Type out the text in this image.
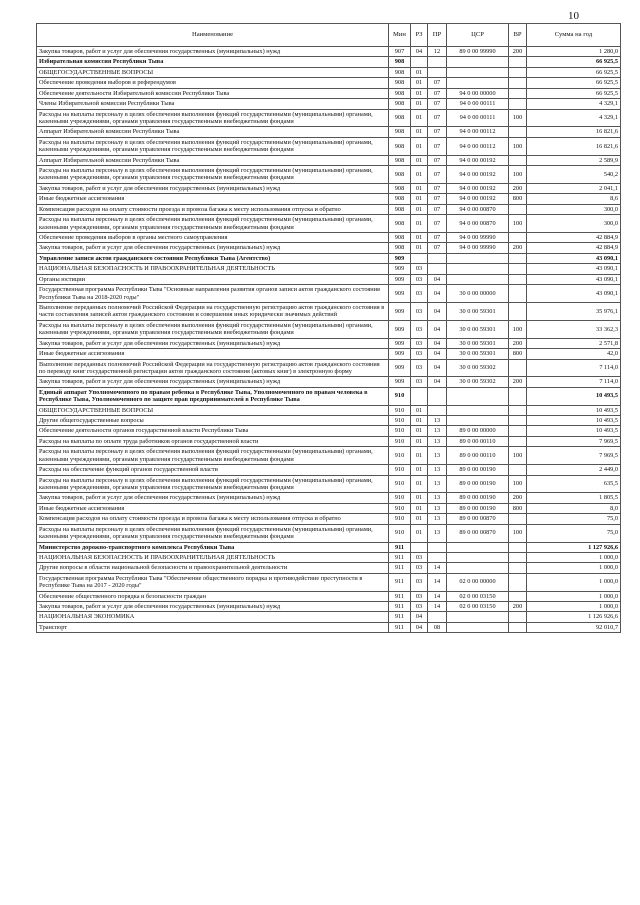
10
Наименование	Мин	РЗ	ПР	ЦСР	ВР	Сумма на год
Закупка товаров, работ и услуг для обеспечения государственных (муниципальных) нужд	907	04	12	89 0 00 99990	200	1 280,0
Избирательная комиссия Республики Тыва	908					66 925,5
ОБЩЕГОСУДАРСТВЕННЫЕ ВОПРОСЫ	908	01				66 925,5
Обеспечение проведения выборов и референдумов	908	01	07			66 925,5
Обеспечение деятельности Избирательной комиссии Республики Тыва	908	01	07	94 0 00 00000		66 925,5
Члены Избирательной комиссии Республики Тыва	908	01	07	94 0 00 00111		4 329,1
Расходы на выплаты персоналу в целях обеспечения выполнения функций государственными (муниципальными) органами, казенными учреждениями, органами управления государственными внебюджетными фондами	908	01	07	94 0 00 00111	100	4 329,1
Аппарат Избирательной комиссии Республики Тыва	908	01	07	94 0 00 00112		16 821,6
Расходы на выплаты персоналу в целях обеспечения выполнения функций государственными (муниципальными) органами, казенными учреждениями, органами управления государственными внебюджетными фондами	908	01	07	94 0 00 00112	100	16 821,6
Аппарат Избирательной комиссии Республики Тыва	908	01	07	94 0 00 00192		2 589,9
Расходы на выплаты персоналу в целях обеспечения выполнения функций государственными (муниципальными) органами, казенными учреждениями, органами управления государственными внебюджетными фондами	908	01	07	94 0 00 00192	100	540,2
Закупка товаров, работ и услуг для обеспечения государственных (муниципальных) нужд	908	01	07	94 0 00 00192	200	2 041,1
Иные бюджетные ассигнования	908	01	07	94 0 00 00192	800	8,6
Компенсация расходов на оплату стоимости проезда и провоза багажа к месту использования отпуска и обратно	908	01	07	94 0 00 00870		300,0
Расходы на выплаты персоналу в целях обеспечения выполнения функций государственными (муниципальными) органами, казенными учреждениями, органами управления государственными внебюджетными фондами	908	01	07	94 0 00 00870	100	300,0
Обеспечение проведения выборов в органы местного самоуправления	908	01	07	94 0 00 99990		42 884,9
Закупка товаров, работ и услуг для обеспечения государственных (муниципальных) нужд	908	01	07	94 0 00 99990	200	42 884,9
Управление записи актов гражданского состояния Республики Тыва (Агентство)	909					43 090,1
НАЦИОНАЛЬНАЯ БЕЗОПАСНОСТЬ И ПРАВООХРАНИТЕЛЬНАЯ ДЕЯТЕЛЬНОСТЬ	909	03				43 090,1
Органы юстиции	909	03	04			43 090,1
Государственная программа Республики Тыва "Основные направления развития органов записи актов гражданского состояния Республики Тыва на 2018-2020 годы"	909	03	04	30 0 00 00000		43 090,1
Выполнение переданных полномочий Российской Федерации на государственную регистрацию актов гражданского состояния в части составления записей актов гражданского состояния и совершения иных юридически значимых действий	909	03	04	30 0 00 59301		35 976,1
Расходы на выплаты персоналу в целях обеспечения выполнения функций государственными (муниципальными) органами, казенными учреждениями, органами управления государственными внебюджетными фондами	909	03	04	30 0 00 59301	100	33 362,3
Закупка товаров, работ и услуг для обеспечения государственных (муниципальных) нужд	909	03	04	30 0 00 59301	200	2 571,8
Иные бюджетные ассигнования	909	03	04	30 0 00 59301	800	42,0
Выполнение переданных полномочий Российской Федерации на государственную регистрацию актов гражданского состояния по переводу книг государственной регистрации актов гражданского состояния (актовых книг) в электронную форму	909	03	04	30 0 00 59302		7 114,0
Закупка товаров, работ и услуг для обеспечения государственных (муниципальных) нужд	909	03	04	30 0 00 59302	200	7 114,0
Единый аппарат Уполномоченного по правам ребенка в Республике Тыва, Уполномоченного по правам человека в Республике Тыва, Уполномоченного по защите прав предпринимателей в Республике Тыва	910					10 493,5
ОБЩЕГОСУДАРСТВЕННЫЕ ВОПРОСЫ	910	01				10 493,5
Другие общегосударственные вопросы	910	01	13			10 493,5
Обеспечение деятельности органов государственной власти Республики Тыва	910	01	13	89 0 00 00000		10 493,5
Расходы на выплаты по оплате труда работников органов государственной власти	910	01	13	89 0 00 00110		7 969,5
Расходы на выплаты персоналу в целях обеспечения выполнения функций государственными (муниципальными) органами, казенными учреждениями, органами управления государственными внебюджетными фондами	910	01	13	89 0 00 00110	100	7 969,5
Расходы на обеспечение функций органов государственной власти	910	01	13	89 0 00 00190		2 449,0
Расходы на выплаты персоналу в целях обеспечения выполнения функций государственными (муниципальными) органами, казенными учреждениями, органами управления государственными внебюджетными фондами	910	01	13	89 0 00 00190	100	635,5
Закупка товаров, работ и услуг для обеспечения государственных (муниципальных) нужд	910	01	13	89 0 00 00190	200	1 805,5
Иные бюджетные ассигнования	910	01	13	89 0 00 00190	800	8,0
Компенсация расходов на оплату стоимости проезда и провоза багажа к месту использования отпуска и обратно	910	01	13	89 0 00 00870		75,0
Расходы на выплаты персоналу в целях обеспечения выполнения функций государственными (муниципальными) органами, казенными учреждениями, органами управления государственными внебюджетными фондами	910	01	13	89 0 00 00870	100	75,0
Министерство дорожно-транспортного комплекса Республики Тыва	911					1 127 926,6
НАЦИОНАЛЬНАЯ БЕЗОПАСНОСТЬ И ПРАВООХРАНИТЕЛЬНАЯ ДЕЯТЕЛЬНОСТЬ	911	03				1 000,0
Другие вопросы в области национальной безопасности и правоохранительной деятельности	911	03	14			1 000,0
Государственная программа Республики Тыва "Обеспечение общественного порядка и противодействие преступности в Республике Тыва на 2017 - 2020 годы"	911	03	14	02 0 00 00000		1 000,0
Обеспечение общественного порядка и безопасности граждан	911	03	14	02 0 00 03150		1 000,0
Закупка товаров, работ и услуг для обеспечения государственных (муниципальных) нужд	911	03	14	02 0 00 03150	200	1 000,0
НАЦИОНАЛЬНАЯ ЭКОНОМИКА	911	04				1 126 926,6
Транспорт	911	04	08			92 010,7
